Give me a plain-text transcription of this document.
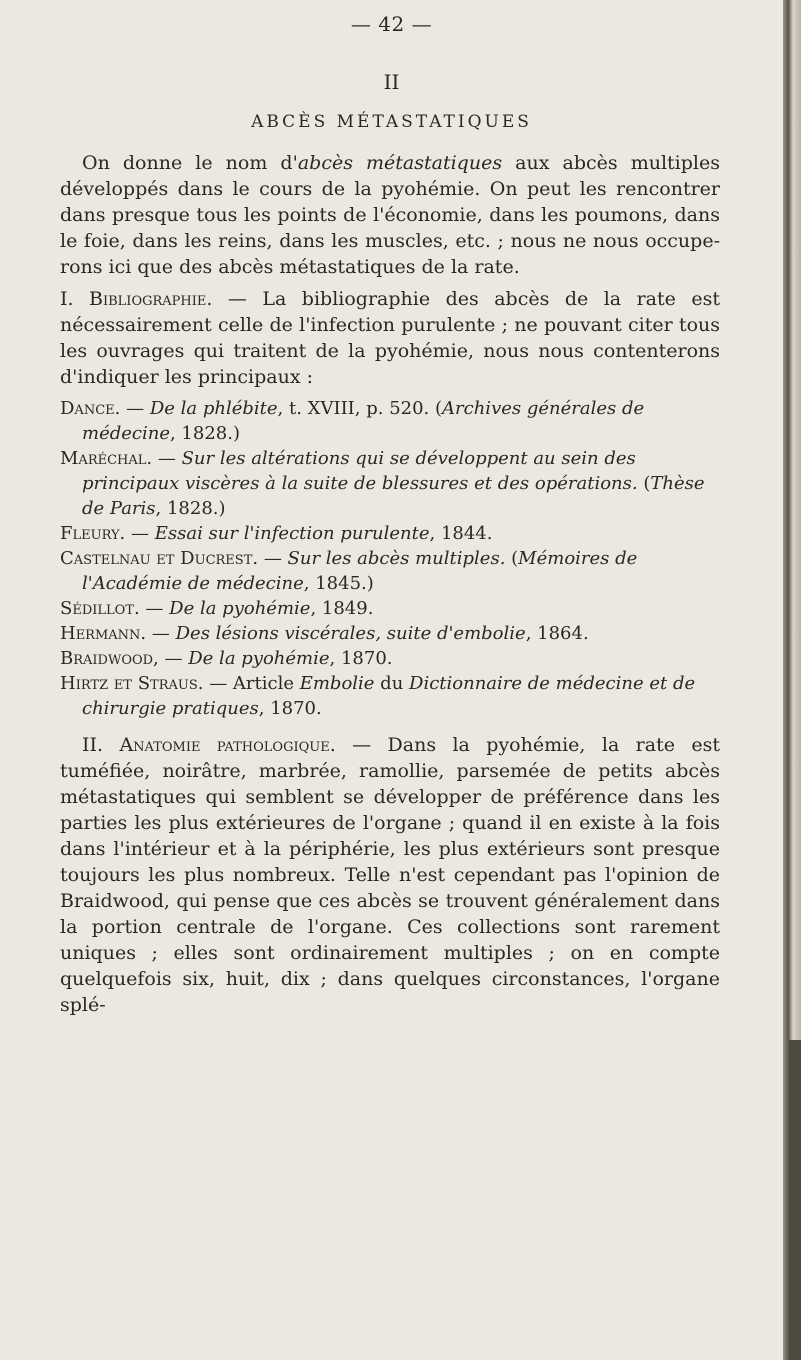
— 42 —
II
ABCÈS MÉTASTATIQUES

On donne le nom d'abcès métastatiques aux abcès multiples développés dans le cours de la pyohémie. On peut les rencontrer dans presque tous les points de l'économie, dans les poumons, dans le foie, dans les reins, dans les muscles, etc. ; nous ne nous occupe-rons ici que des abcès métastatiques de la rate.

I. Bibliographie. — La bibliographie des abcès de la rate est nécessairement celle de l'infection purulente ; ne pouvant citer tous les ouvrages qui traitent de la pyohémie, nous nous contenterons d'indiquer les principaux :

Dance. — De la phlébite, t. XVIII, p. 520. (Archives générales de médecine, 1828.)

Maréchal. — Sur les altérations qui se développent au sein des principaux viscères à la suite de blessures et des opérations. (Thèse de Paris, 1828.)

Fleury. — Essai sur l'infection purulente, 1844.

Castelnau et Ducrest. — Sur les abcès multiples. (Mémoires de l'Académie de médecine, 1845.)

Sédillot. — De la pyohémie, 1849.

Hermann. — Des lésions viscérales, suite d'embolie, 1864.

Braidwood, — De la pyohémie, 1870.

Hirtz et Straus. — Article Embolie du Dictionnaire de médecine et de chirurgie pratiques, 1870.

II. Anatomie pathologique. — Dans la pyohémie, la rate est tuméfiée, noirâtre, marbrée, ramollie, parsemée de petits abcès métastatiques qui semblent se développer de préférence dans les parties les plus extérieures de l'organe ; quand il en existe à la fois dans l'intérieur et à la périphérie, les plus extérieurs sont presque toujours les plus nombreux. Telle n'est cependant pas l'opinion de Braidwood, qui pense que ces abcès se trouvent généralement dans la portion centrale de l'organe. Ces collections sont rarement uniques ; elles sont ordinairement multiples ; on en compte quelquefois six, huit, dix ; dans quelques circonstances, l'organe splé-
